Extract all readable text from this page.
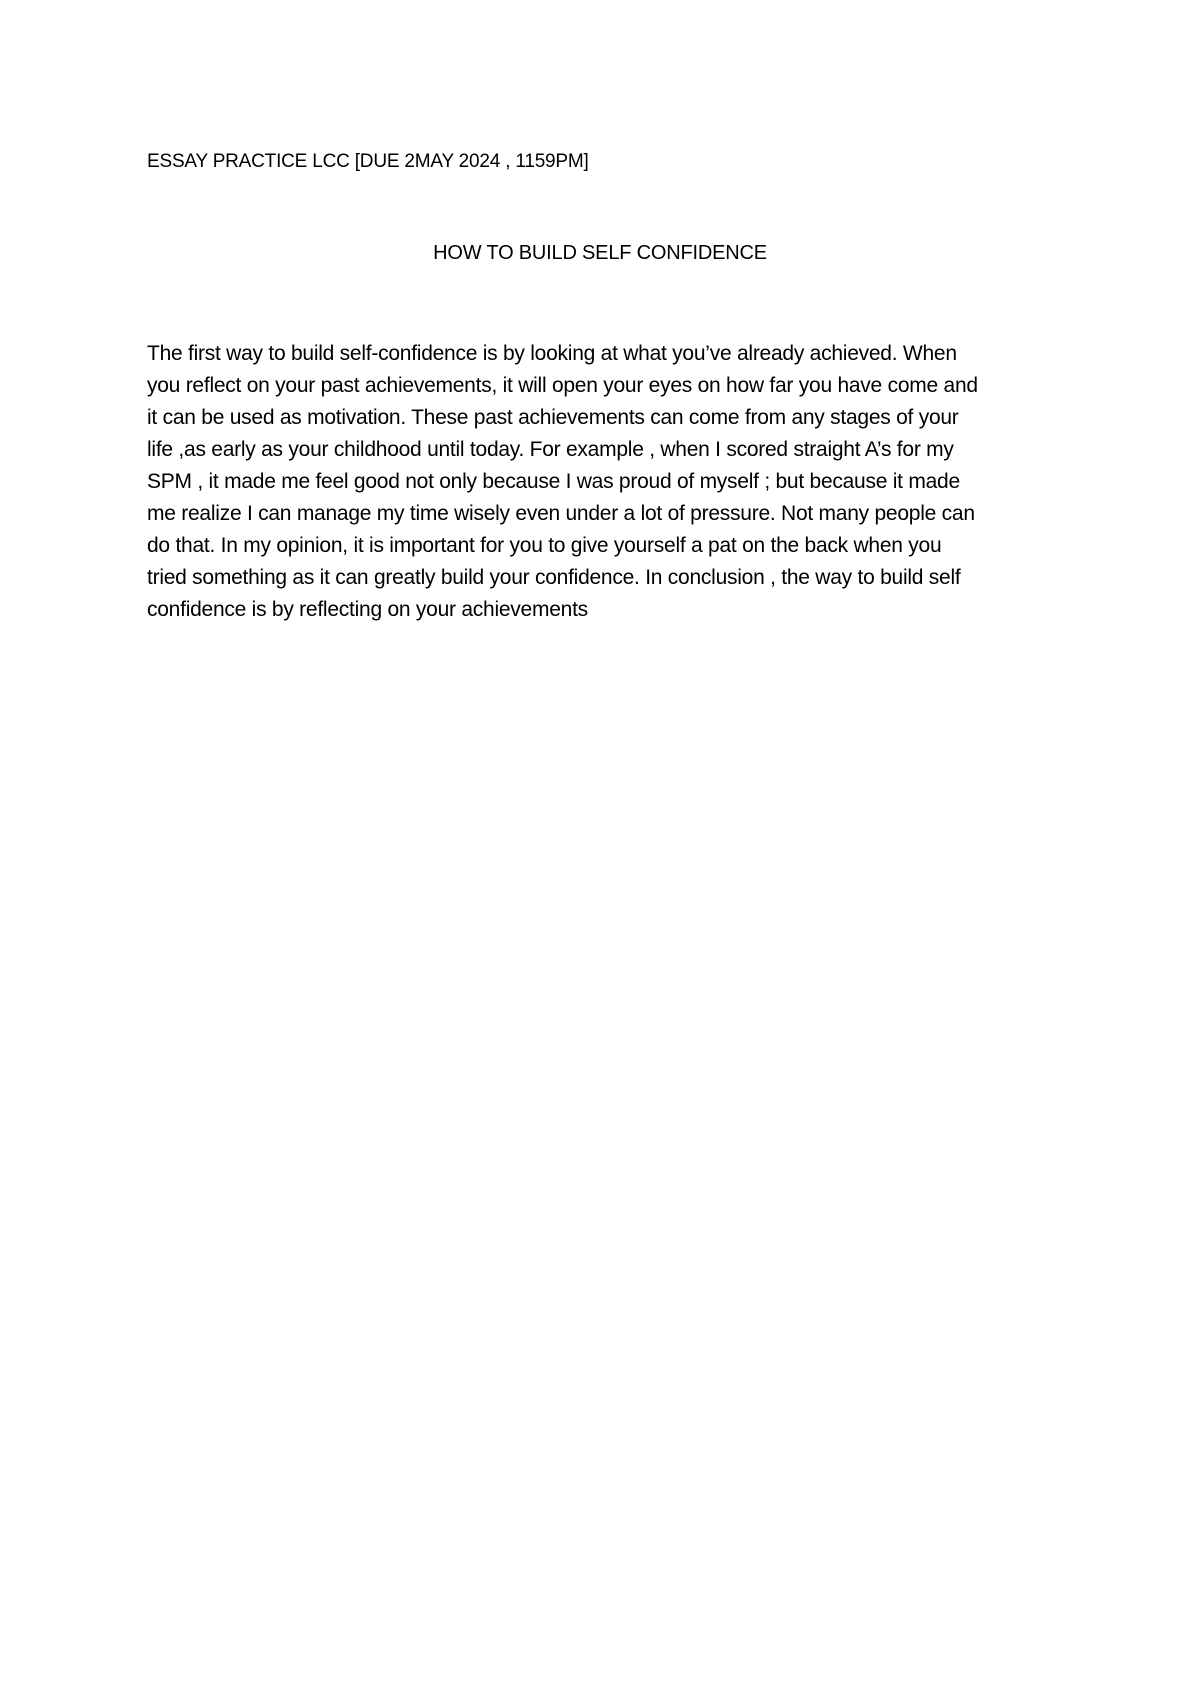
ESSAY PRACTICE LCC [DUE 2MAY 2024 , 1159PM]
HOW TO BUILD SELF CONFIDENCE
The first way to build self-confidence is by looking at what you’ve already achieved. When
you reflect on your past achievements, it will open your eyes on how far you have come and
it can be used as motivation. These past achievements can come from any stages of your
life ,as early as your childhood until today. For example , when I scored straight A’s for my
SPM , it made me feel good not only because I was proud of myself ; but because it made
me realize I can manage my time wisely even under a lot of pressure. Not many people can
do that. In my opinion, it is important for you to give yourself a pat on the back when you
tried something as it can greatly build your confidence. In conclusion , the way to build self
confidence is by reflecting on your achievements
